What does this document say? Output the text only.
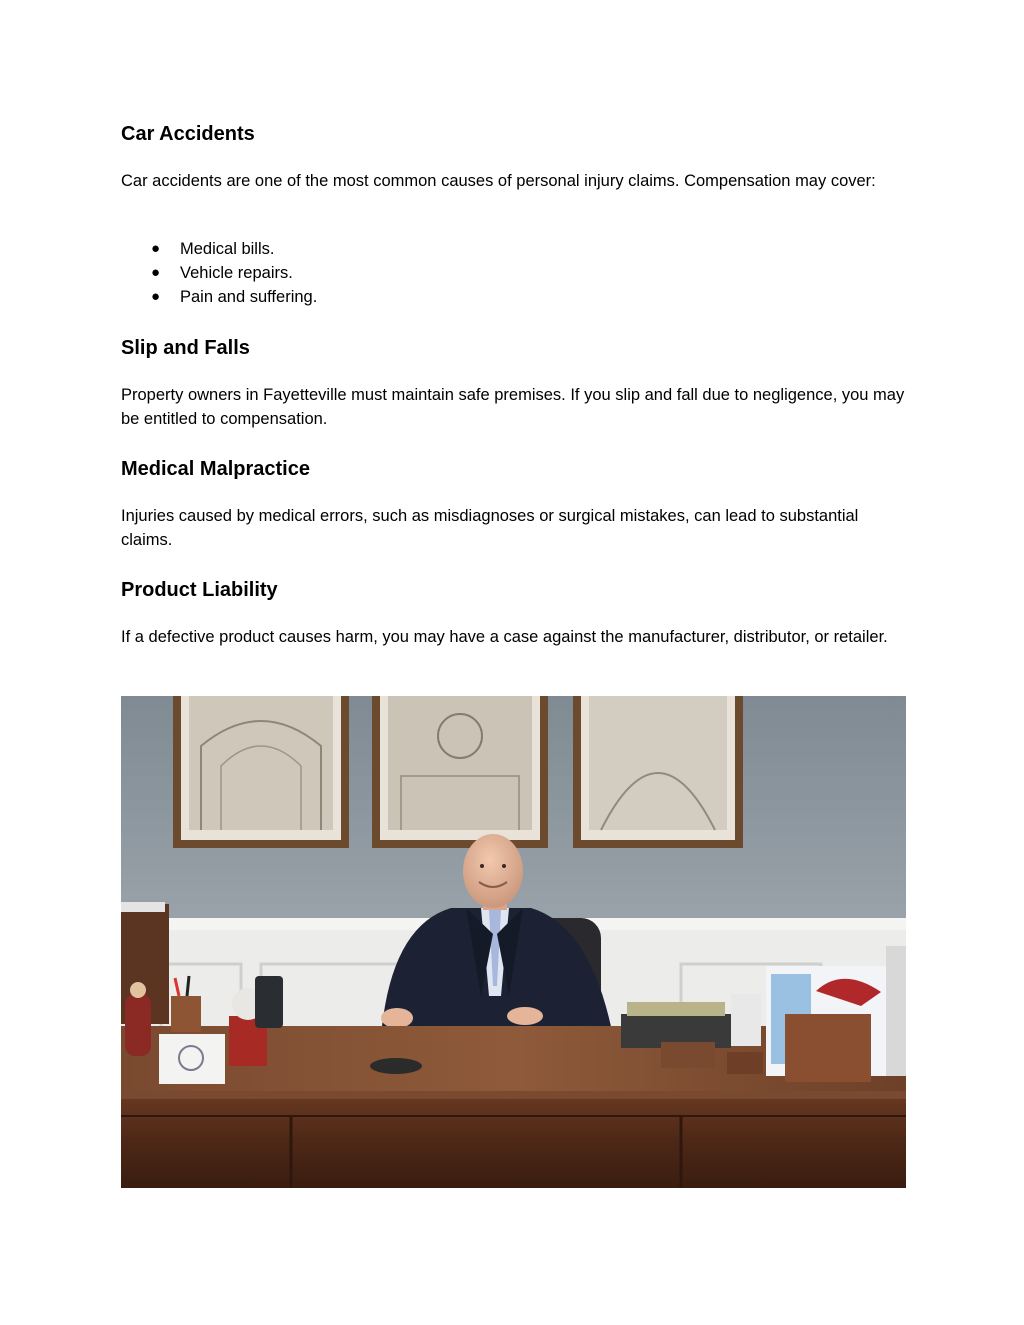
Car Accidents

Car accidents are one of the most common causes of personal injury claims. Compensation may cover:

● Medical bills.
● Vehicle repairs.
● Pain and suffering.
Slip and Falls

Property owners in Fayetteville must maintain safe premises. If you slip and fall due to negligence, you may be entitled to compensation.

Medical Malpractice

Injuries caused by medical errors, such as misdiagnoses or surgical mistakes, can lead to substantial claims.

Product Liability

If a defective product causes harm, you may have a case against the manufacturer, distributor, or retailer.
